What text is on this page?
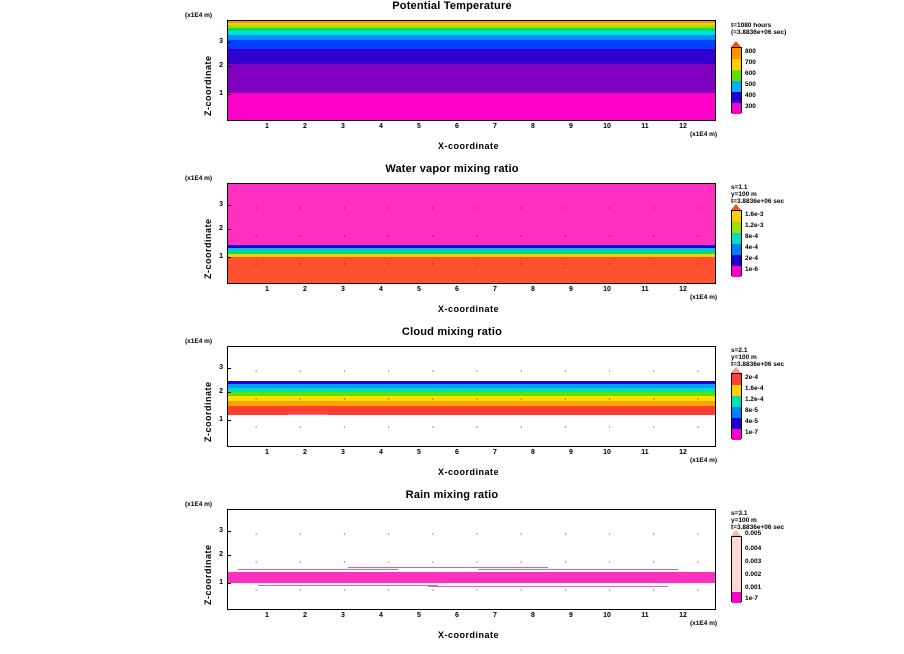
Potential Temperature
(x1E4 m)
Z-coordinate
3
2
1
1	2	3	4	5	6	7	8	9	10	11	12
X-coordinate
(x1E4 m)
t=1080 hours
(=3.8836e+06 sec)
800
700
600
500
400
300
Water vapor mixing ratio
(x1E4 m)
Z-coordinate
3
2
1
1	2	3	4	5	6	7	8	9	10	11	12
X-coordinate
(x1E4 m)
s=1.1
y=100 m
t=3.8836e+06 sec
1.6e-3
1.2e-3
8e-4
4e-4
2e-4
1e-6
Cloud mixing ratio
(x1E4 m)
Z-coordinate
3
2
1
1	2	3	4	5	6	7	8	9	10	11	12
X-coordinate
(x1E4 m)
s=2.1
y=100 m
t=3.8836e+06 sec
2e-4
1.6e-4
1.2e-4
8e-5
4e-5
1e-7
Rain mixing ratio
(x1E4 m)
Z-coordinate
3
2
1
1	2	3	4	5	6	7	8	9	10	11	12
X-coordinate
(x1E4 m)
s=3.1
y=100 m
t=3.8836e+06 sec
0.005
0.004
0.003
0.002
0.001
1e-7
